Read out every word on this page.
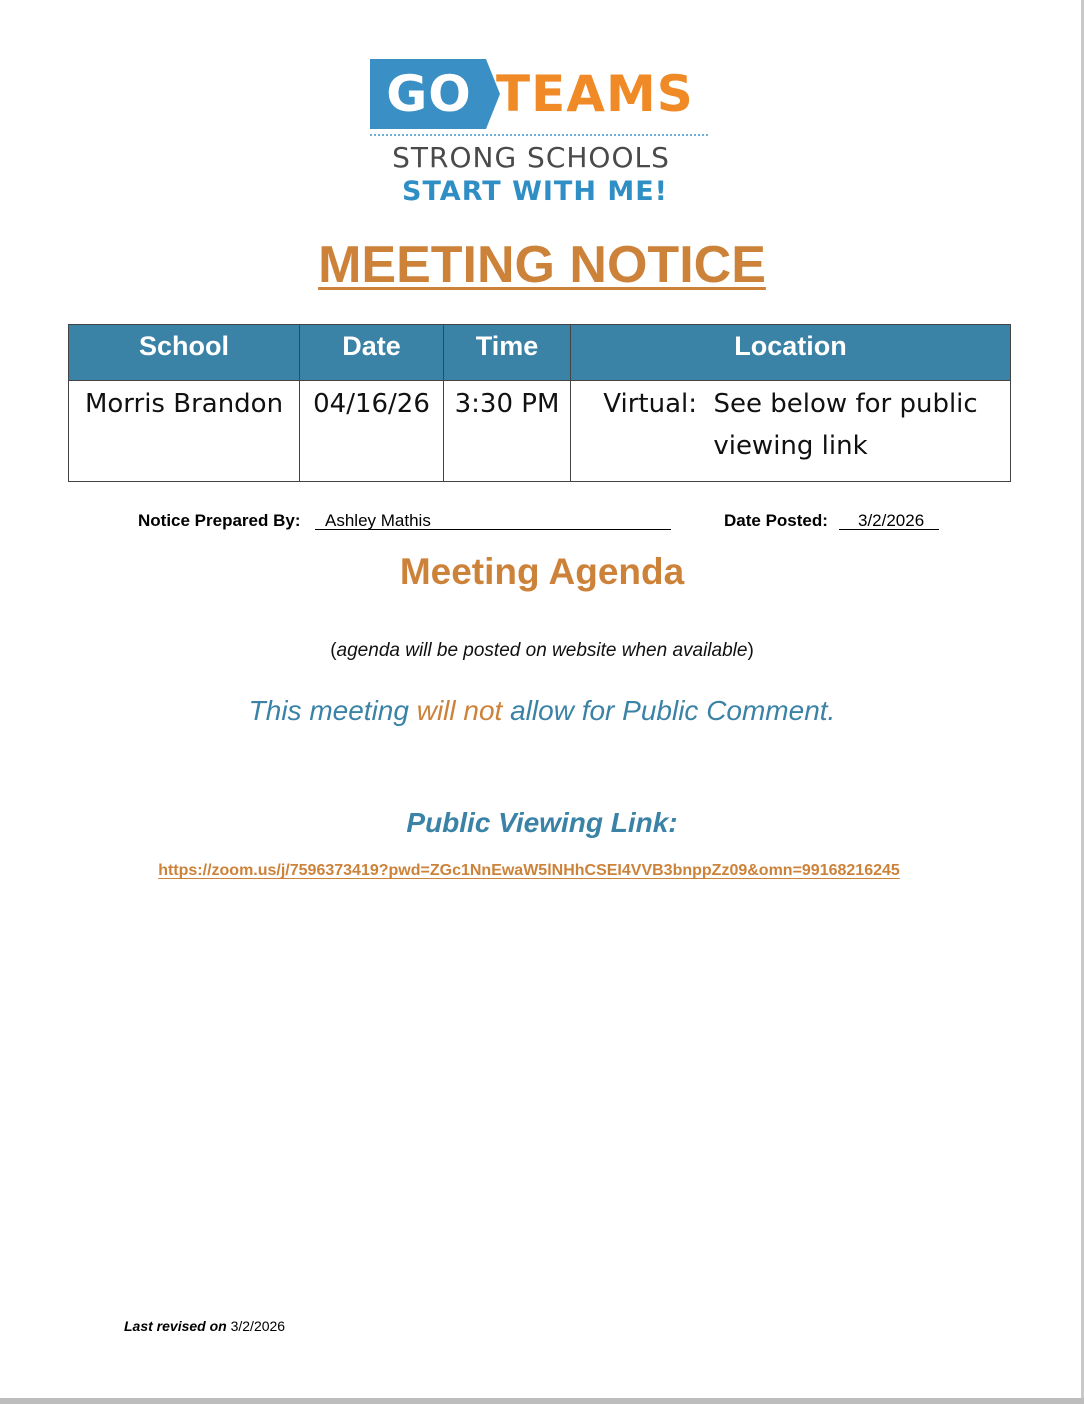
GO TEAMS
STRONG SCHOOLS
START WITH ME!
MEETING NOTICE
School	Date	Time	Location
Morris Brandon	04/16/26	3:30 PM	Virtual:  See below for public
viewing link
Notice Prepared By:	Ashley Mathis	Date Posted:	3/2/2026
Meeting Agenda
(agenda will be posted on website when available)
This meeting will not allow for Public Comment.
Public Viewing Link:
https://zoom.us/j/7596373419?pwd=ZGc1NnEwaW5lNHhCSEI4VVB3bnppZz09&omn=99168216245
Last revised on 3/2/2026
